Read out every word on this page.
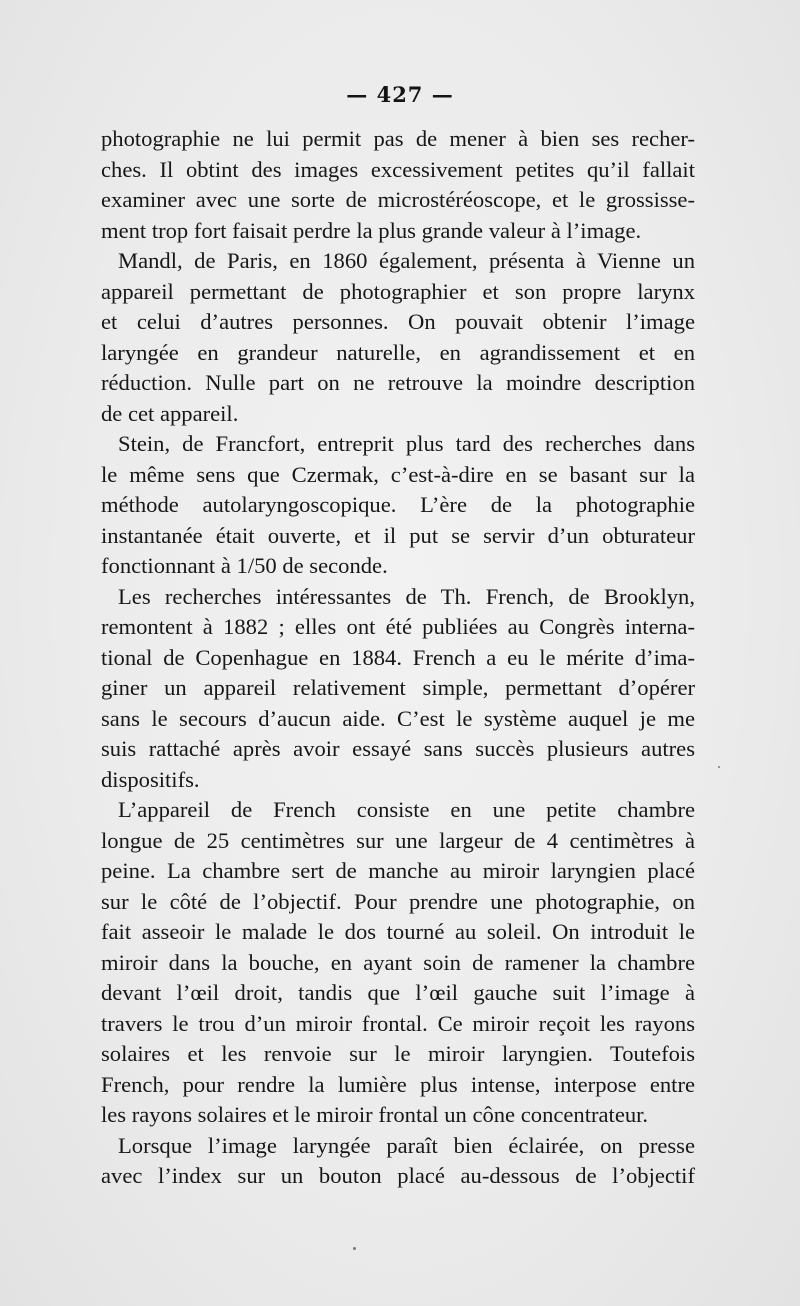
— 427 —
photographie ne lui permit pas de mener à bien ses recher-
ches. Il obtint des images excessivement petites qu’il fallait
examiner avec une sorte de microstéréoscope, et le grossisse-
ment trop fort faisait perdre la plus grande valeur à l’image.
Mandl, de Paris, en 1860 également, présenta à Vienne un
appareil permettant de photographier et son propre larynx
et celui d’autres personnes. On pouvait obtenir l’image
laryngée en grandeur naturelle, en agrandissement et en
réduction. Nulle part on ne retrouve la moindre description
de cet appareil.
Stein, de Francfort, entreprit plus tard des recherches dans
le même sens que Czermak, c’est-à-dire en se basant sur la
méthode autolaryngoscopique. L’ère de la photographie
instantanée était ouverte, et il put se servir d’un obturateur
fonctionnant à 1/50 de seconde.
Les recherches intéressantes de Th. French, de Brooklyn,
remontent à 1882 ; elles ont été publiées au Congrès interna-
tional de Copenhague en 1884. French a eu le mérite d’ima-
giner un appareil relativement simple, permettant d’opérer
sans le secours d’aucun aide. C’est le système auquel je me
suis rattaché après avoir essayé sans succès plusieurs autres
dispositifs.
L’appareil de French consiste en une petite chambre
longue de 25 centimètres sur une largeur de 4 centimètres à
peine. La chambre sert de manche au miroir laryngien placé
sur le côté de l’objectif. Pour prendre une photographie, on
fait asseoir le malade le dos tourné au soleil. On introduit le
miroir dans la bouche, en ayant soin de ramener la chambre
devant l’œil droit, tandis que l’œil gauche suit l’image à
travers le trou d’un miroir frontal. Ce miroir reçoit les rayons
solaires et les renvoie sur le miroir laryngien. Toutefois
French, pour rendre la lumière plus intense, interpose entre
les rayons solaires et le miroir frontal un cône concentrateur.
Lorsque l’image laryngée paraît bien éclairée, on presse
avec l’index sur un bouton placé au-dessous de l’objectif
